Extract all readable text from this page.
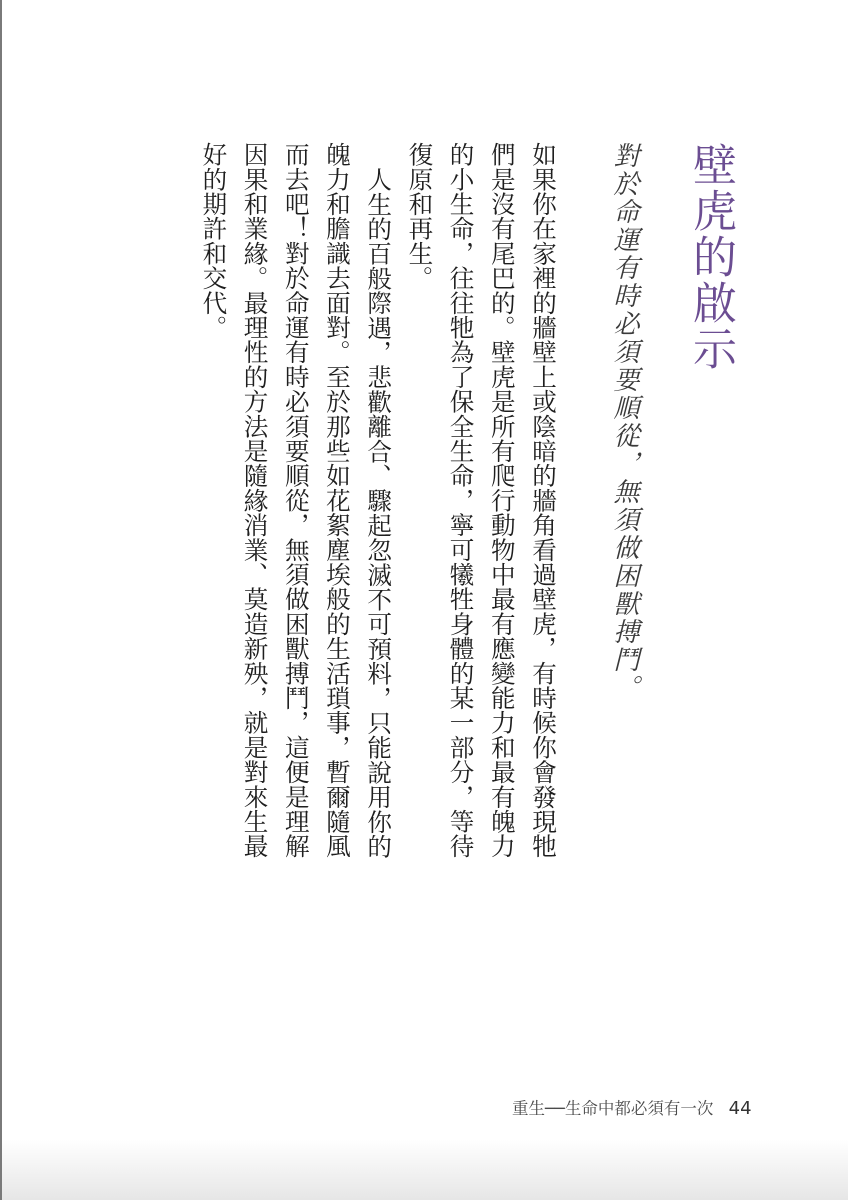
壁虎的啟示
對於命運有時必須要順從，無須做困獸搏鬥。

如果你在家裡的牆壁上或陰暗的牆角看過壁虎，有時候你會發現牠們是沒有尾巴的。壁虎是所有爬行動物中最有應變能力和最有魄力的小生命，往往牠為了保全生命，寧可犧牲身體的某一部分，等待復原和再生。

人生的百般際遇，悲歡離合、驟起忽滅不可預料，只能說用你的魄力和膽識去面對。至於那些如花絮塵埃般的生活瑣事，暫爾隨風而去吧！對於命運有時必須要順從，無須做困獸搏鬥，這便是理解因果和業緣。最理性的方法是隨緣消業、莫造新殃，就是對來生最好的期許和交代。

重生──生命中都必須有一次 44
